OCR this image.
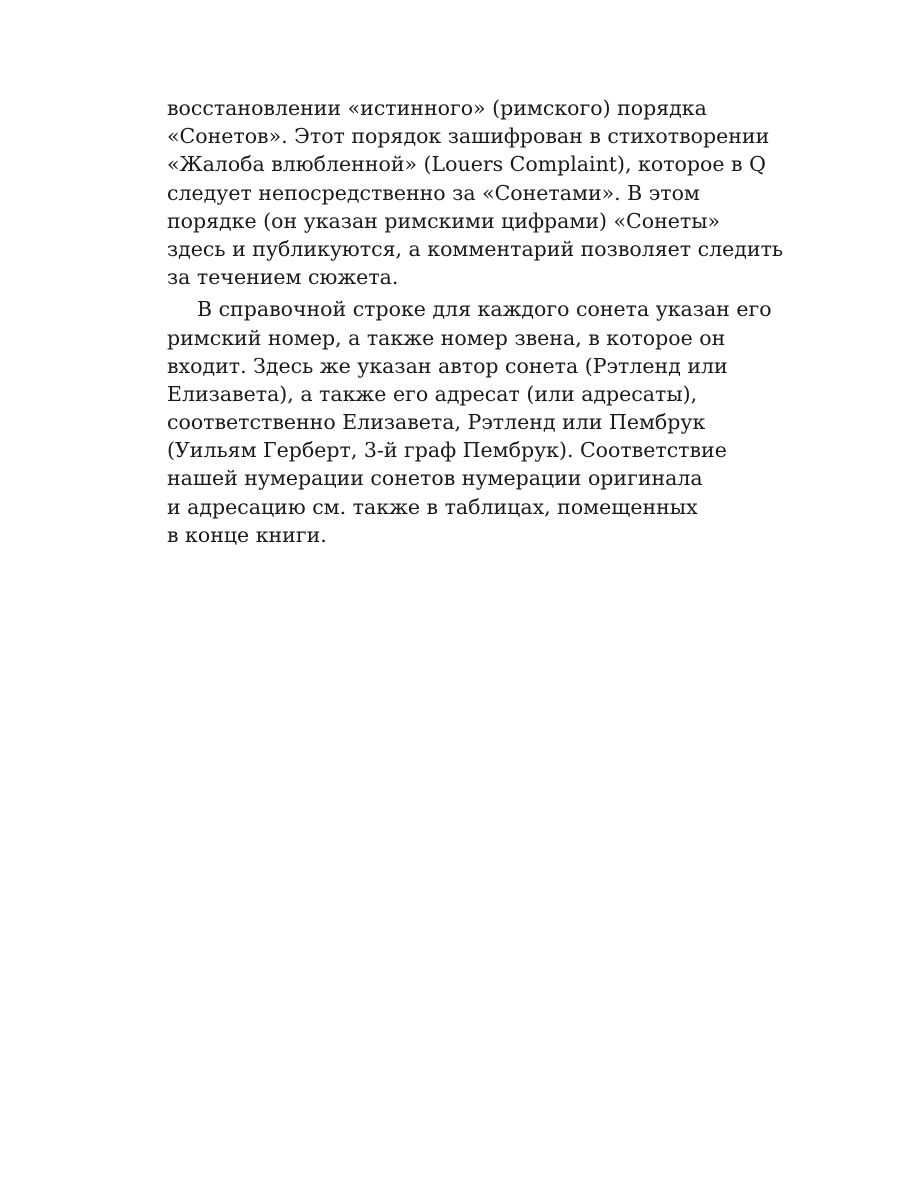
восстановлении «истинного» (римского) порядка
«Сонетов». Этот порядок зашифрован в стихотворении
«Жалоба влюбленной» (Louers Complaint), которое в Q
следует непосредственно за «Сонетами». В этом
порядке (он указан римскими цифрами) «Сонеты»
здесь и публикуются, а комментарий позволяет следить
за течением сюжета.
В справочной строке для каждого сонета указан его
римский номер, а также номер звена, в которое он
входит. Здесь же указан автор сонета (Рэтленд или
Елизавета), а также его адресат (или адресаты),
соответственно Елизавета, Рэтленд или Пембрук
(Уильям Герберт, 3-й граф Пембрук). Соответствие
нашей нумерации сонетов нумерации оригинала
и адресацию см. также в таблицах, помещенных
в конце книги.
